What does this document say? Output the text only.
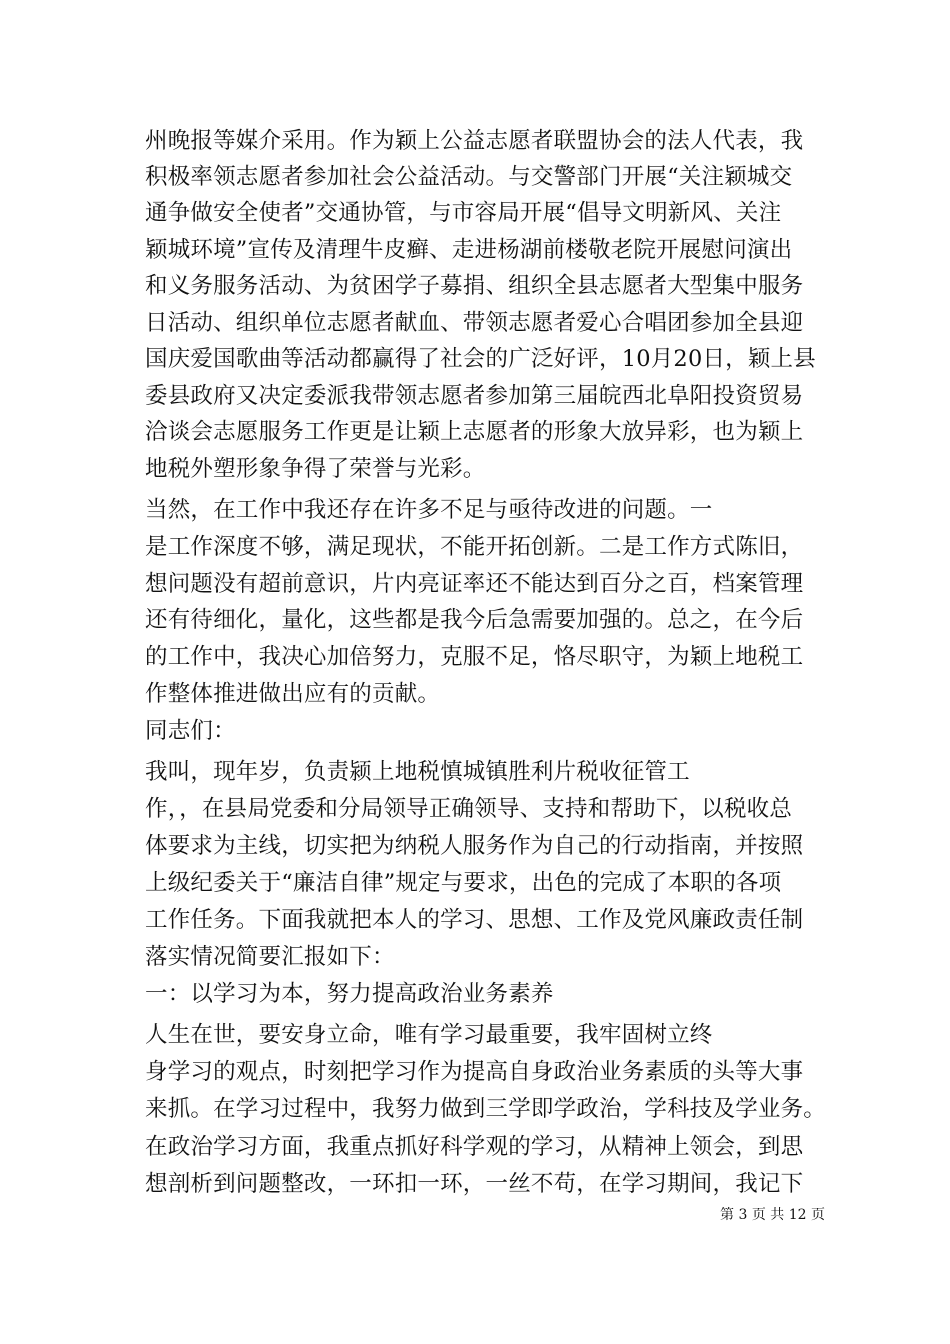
州晚报等媒介采用。作为颖上公益志愿者联盟协会的法人代表，我
积极率领志愿者参加社会公益活动。与交警部门开展“关注颖城交
通争做安全使者”交通协管，与市容局开展“倡导文明新风、关注
颖城环境”宣传及清理牛皮癣、走进杨湖前楼敬老院开展慰问演出
和义务服务活动、为贫困学子募捐、组织全县志愿者大型集中服务
日活动、组织单位志愿者献血、带领志愿者爱心合唱团参加全县迎
国庆爱国歌曲等活动都赢得了社会的广泛好评，10月20日，颖上县
委县政府又决定委派我带领志愿者参加第三届皖西北阜阳投资贸易
洽谈会志愿服务工作更是让颖上志愿者的形象大放异彩，也为颖上
地税外塑形象争得了荣誉与光彩。
当然，在工作中我还存在许多不足与亟待改进的问题。一
是工作深度不够，满足现状，不能开拓创新。二是工作方式陈旧，
想问题没有超前意识，片内亮证率还不能达到百分之百，档案管理
还有待细化，量化，这些都是我今后急需要加强的。总之，在今后
的工作中，我决心加倍努力，克服不足，恪尽职守，为颖上地税工
作整体推进做出应有的贡献。
同志们：
我叫，现年岁，负责颍上地税慎城镇胜利片税收征管工
作，，在县局党委和分局领导正确领导、支持和帮助下，以税收总
体要求为主线，切实把为纳税人服务作为自己的行动指南，并按照
上级纪委关于“廉洁自律”规定与要求，出色的完成了本职的各项
工作任务。下面我就把本人的学习、思想、工作及党风廉政责任制
落实情况简要汇报如下：
一：以学习为本，努力提高政治业务素养
人生在世，要安身立命，唯有学习最重要，我牢固树立终
身学习的观点，时刻把学习作为提高自身政治业务素质的头等大事
来抓。在学习过程中，我努力做到三学即学政治，学科技及学业务。
在政治学习方面，我重点抓好科学观的学习，从精神上领会，到思
想剖析到问题整改，一环扣一环，一丝不苟，在学习期间，我记下
第 3 页 共 12 页
